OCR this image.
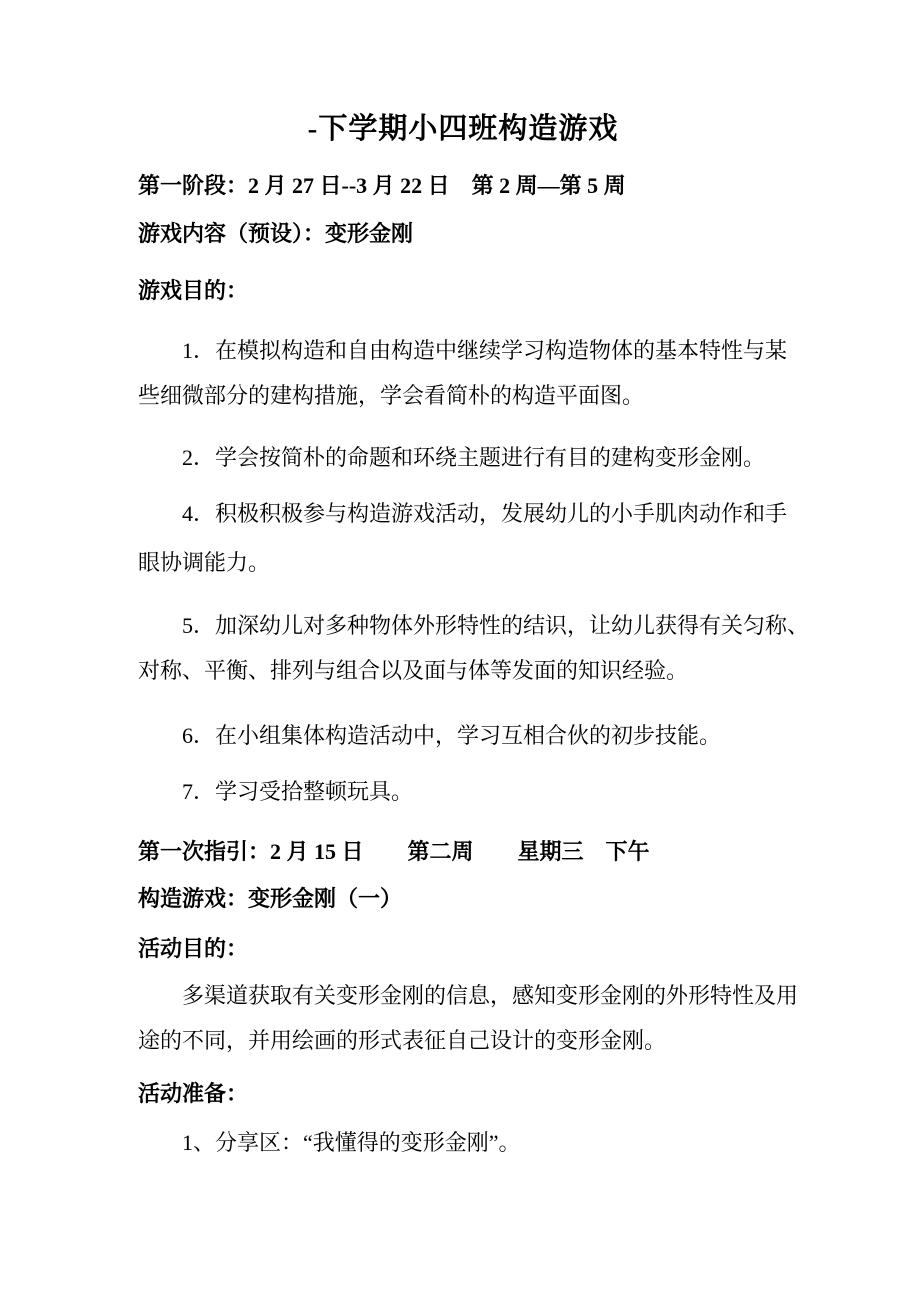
-下学期小四班构造游戏
第一阶段：2 月 27 日--3 月 22 日　第 2 周—第 5 周
游戏内容（预设）：变形金刚
游戏目的：
1．在模拟构造和自由构造中继续学习构造物体的基本特性与某
些细微部分的建构措施，学会看简朴的构造平面图。
2．学会按简朴的命题和环绕主题进行有目的建构变形金刚。
4．积极积极参与构造游戏活动，发展幼儿的小手肌肉动作和手
眼协调能力。
5．加深幼儿对多种物体外形特性的结识，让幼儿获得有关匀称、
对称、平衡、排列与组合以及面与体等发面的知识经验。
6．在小组集体构造活动中，学习互相合伙的初步技能。
7．学习受拾整顿玩具。
第一次指引：2 月 15 日　　第二周　　星期三　下午
构造游戏：变形金刚（一）
活动目的：
多渠道获取有关变形金刚的信息，感知变形金刚的外形特性及用
途的不同，并用绘画的形式表征自己设计的变形金刚。
活动准备：
1、分享区：“我懂得的变形金刚”。
